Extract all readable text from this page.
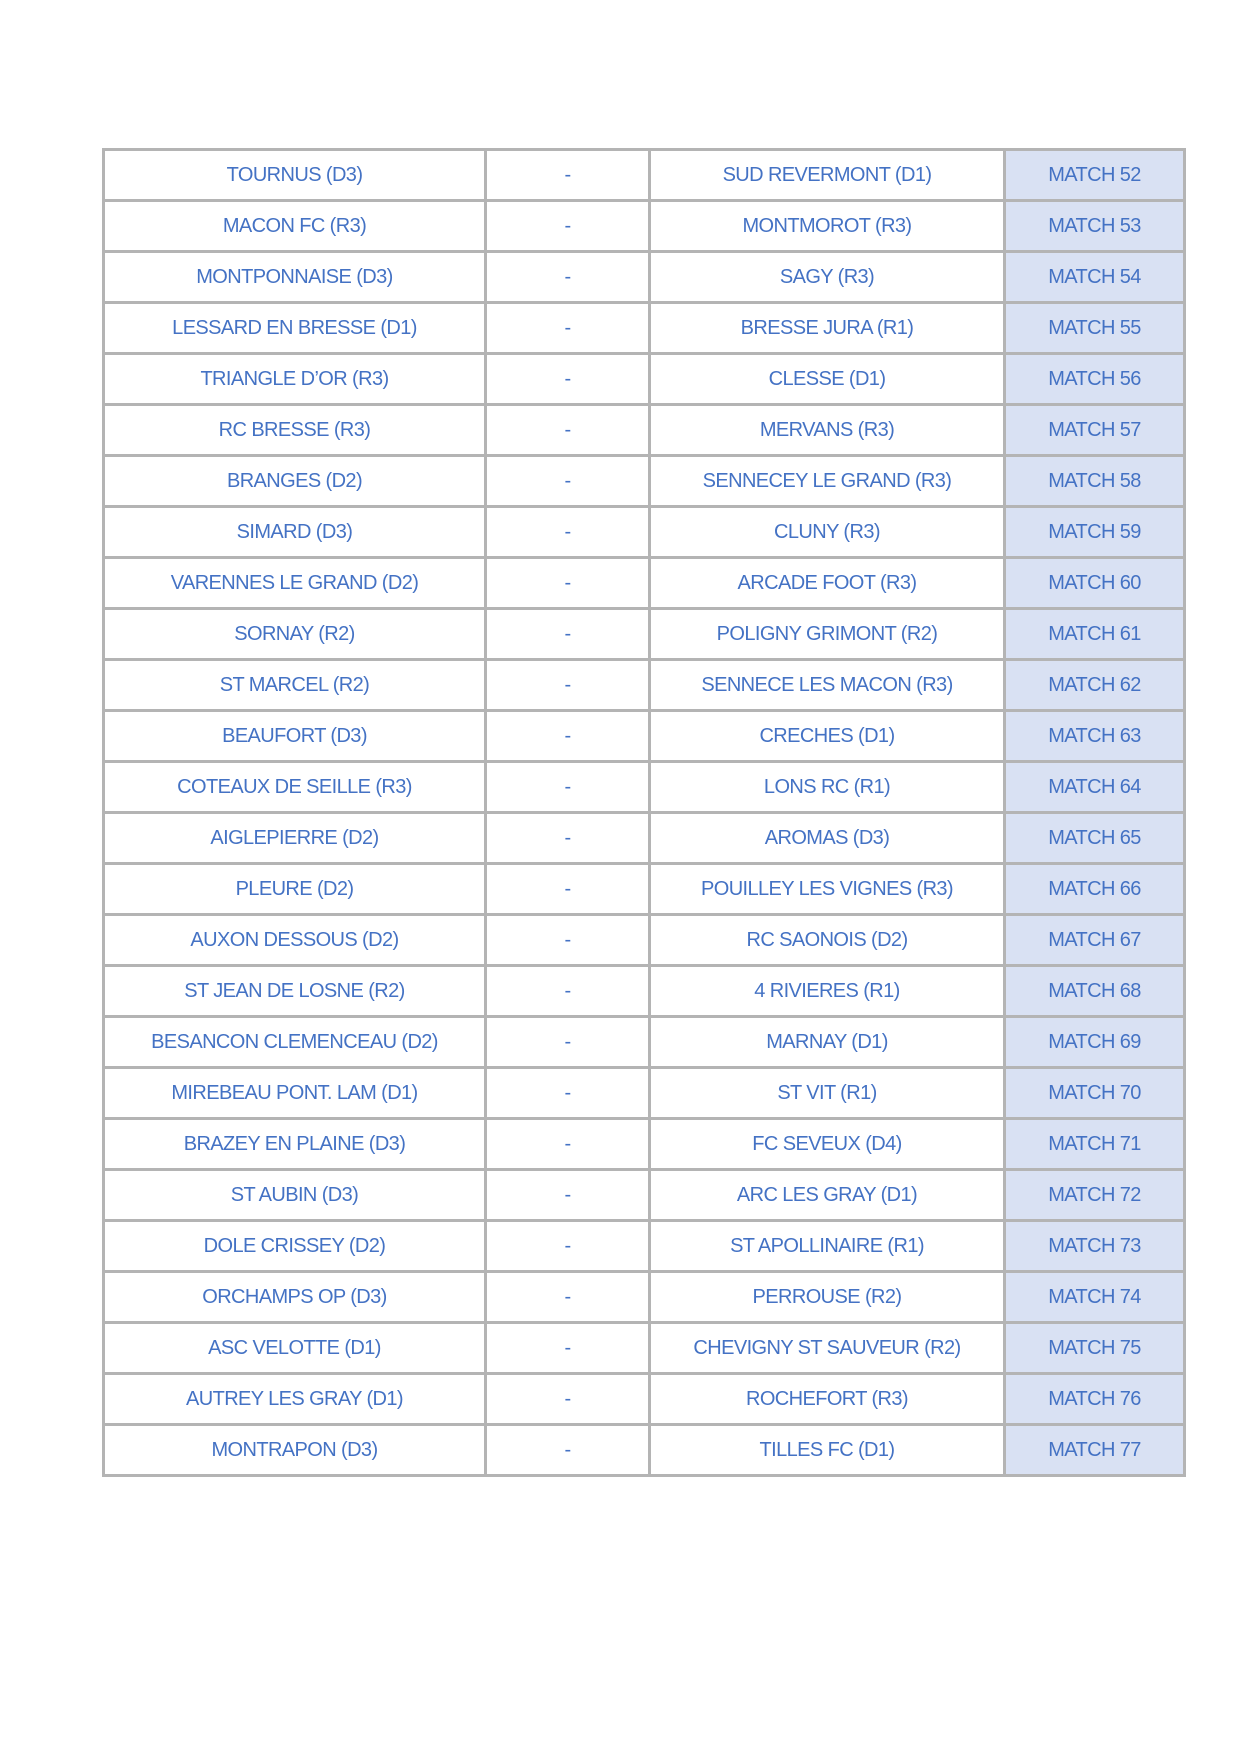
TOURNUS (D3)	-	SUD REVERMONT (D1)	MATCH 52
MACON FC (R3)	-	MONTMOROT (R3)	MATCH 53
MONTPONNAISE (D3)	-	SAGY (R3)	MATCH 54
LESSARD EN BRESSE (D1)	-	BRESSE JURA (R1)	MATCH 55
TRIANGLE D’OR (R3)	-	CLESSE (D1)	MATCH 56
RC BRESSE (R3)	-	MERVANS (R3)	MATCH 57
BRANGES (D2)	-	SENNECEY LE GRAND (R3)	MATCH 58
SIMARD (D3)	-	CLUNY (R3)	MATCH 59
VARENNES LE GRAND (D2)	-	ARCADE FOOT (R3)	MATCH 60
SORNAY (R2)	-	POLIGNY GRIMONT (R2)	MATCH 61
ST MARCEL (R2)	-	SENNECE LES MACON (R3)	MATCH 62
BEAUFORT (D3)	-	CRECHES (D1)	MATCH 63
COTEAUX DE SEILLE (R3)	-	LONS RC (R1)	MATCH 64
AIGLEPIERRE (D2)	-	AROMAS (D3)	MATCH 65
PLEURE (D2)	-	POUILLEY LES VIGNES (R3)	MATCH 66
AUXON DESSOUS (D2)	-	RC SAONOIS (D2)	MATCH 67
ST JEAN DE LOSNE (R2)	-	4 RIVIERES (R1)	MATCH 68
BESANCON CLEMENCEAU (D2)	-	MARNAY (D1)	MATCH 69
MIREBEAU PONT. LAM (D1)	-	ST VIT (R1)	MATCH 70
BRAZEY EN PLAINE (D3)	-	FC SEVEUX (D4)	MATCH 71
ST AUBIN (D3)	-	ARC LES GRAY (D1)	MATCH 72
DOLE CRISSEY (D2)	-	ST APOLLINAIRE (R1)	MATCH 73
ORCHAMPS OP (D3)	-	PERROUSE (R2)	MATCH 74
ASC VELOTTE (D1)	-	CHEVIGNY ST SAUVEUR (R2)	MATCH 75
AUTREY LES GRAY (D1)	-	ROCHEFORT (R3)	MATCH 76
MONTRAPON (D3)	-	TILLES FC (D1)	MATCH 77
